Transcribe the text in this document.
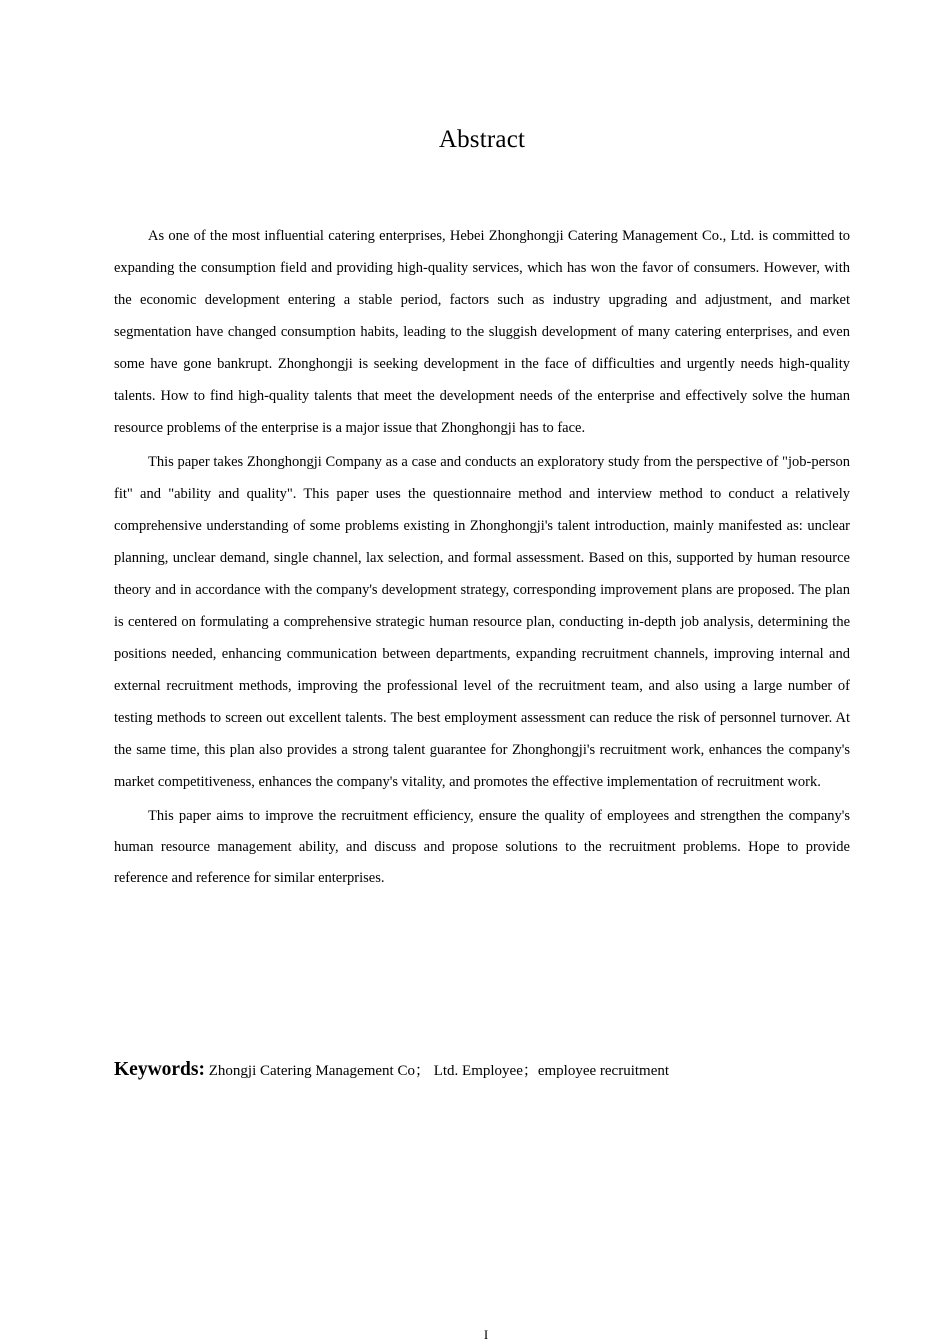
Abstract

As one of the most influential catering enterprises, Hebei Zhonghongji Catering Management Co., Ltd. is committed to expanding the consumption field and providing high-quality services, which has won the favor of consumers. However, with the economic development entering a stable period, factors such as industry upgrading and adjustment, and market segmentation have changed consumption habits, leading to the sluggish development of many catering enterprises, and even some have gone bankrupt. Zhonghongji is seeking development in the face of difficulties and urgently needs high-quality talents. How to find high-quality talents that meet the development needs of the enterprise and effectively solve the human resource problems of the enterprise is a major issue that Zhonghongji has to face.

This paper takes Zhonghongji Company as a case and conducts an exploratory study from the perspective of "job-person fit" and "ability and quality". This paper uses the questionnaire method and interview method to conduct a relatively comprehensive understanding of some problems existing in Zhonghongji's talent introduction, mainly manifested as: unclear planning, unclear demand, single channel, lax selection, and formal assessment. Based on this, supported by human resource theory and in accordance with the company's development strategy, corresponding improvement plans are proposed. The plan is centered on formulating a comprehensive strategic human resource plan, conducting in-depth job analysis, determining the positions needed, enhancing communication between departments, expanding recruitment channels, improving internal and external recruitment methods, improving the professional level of the recruitment team, and also using a large number of testing methods to screen out excellent talents. The best employment assessment can reduce the risk of personnel turnover. At the same time, this plan also provides a strong talent guarantee for Zhonghongji's recruitment work, enhances the company's market competitiveness, enhances the company's vitality, and promotes the effective implementation of recruitment work.

This paper aims to improve the recruitment efficiency, ensure the quality of employees and strengthen the company's human resource management ability, and discuss and propose solutions to the recruitment problems. Hope to provide reference and reference for similar enterprises.

Keywords: Zhongji Catering Management Co； Ltd. Employee；employee recruitment
I
